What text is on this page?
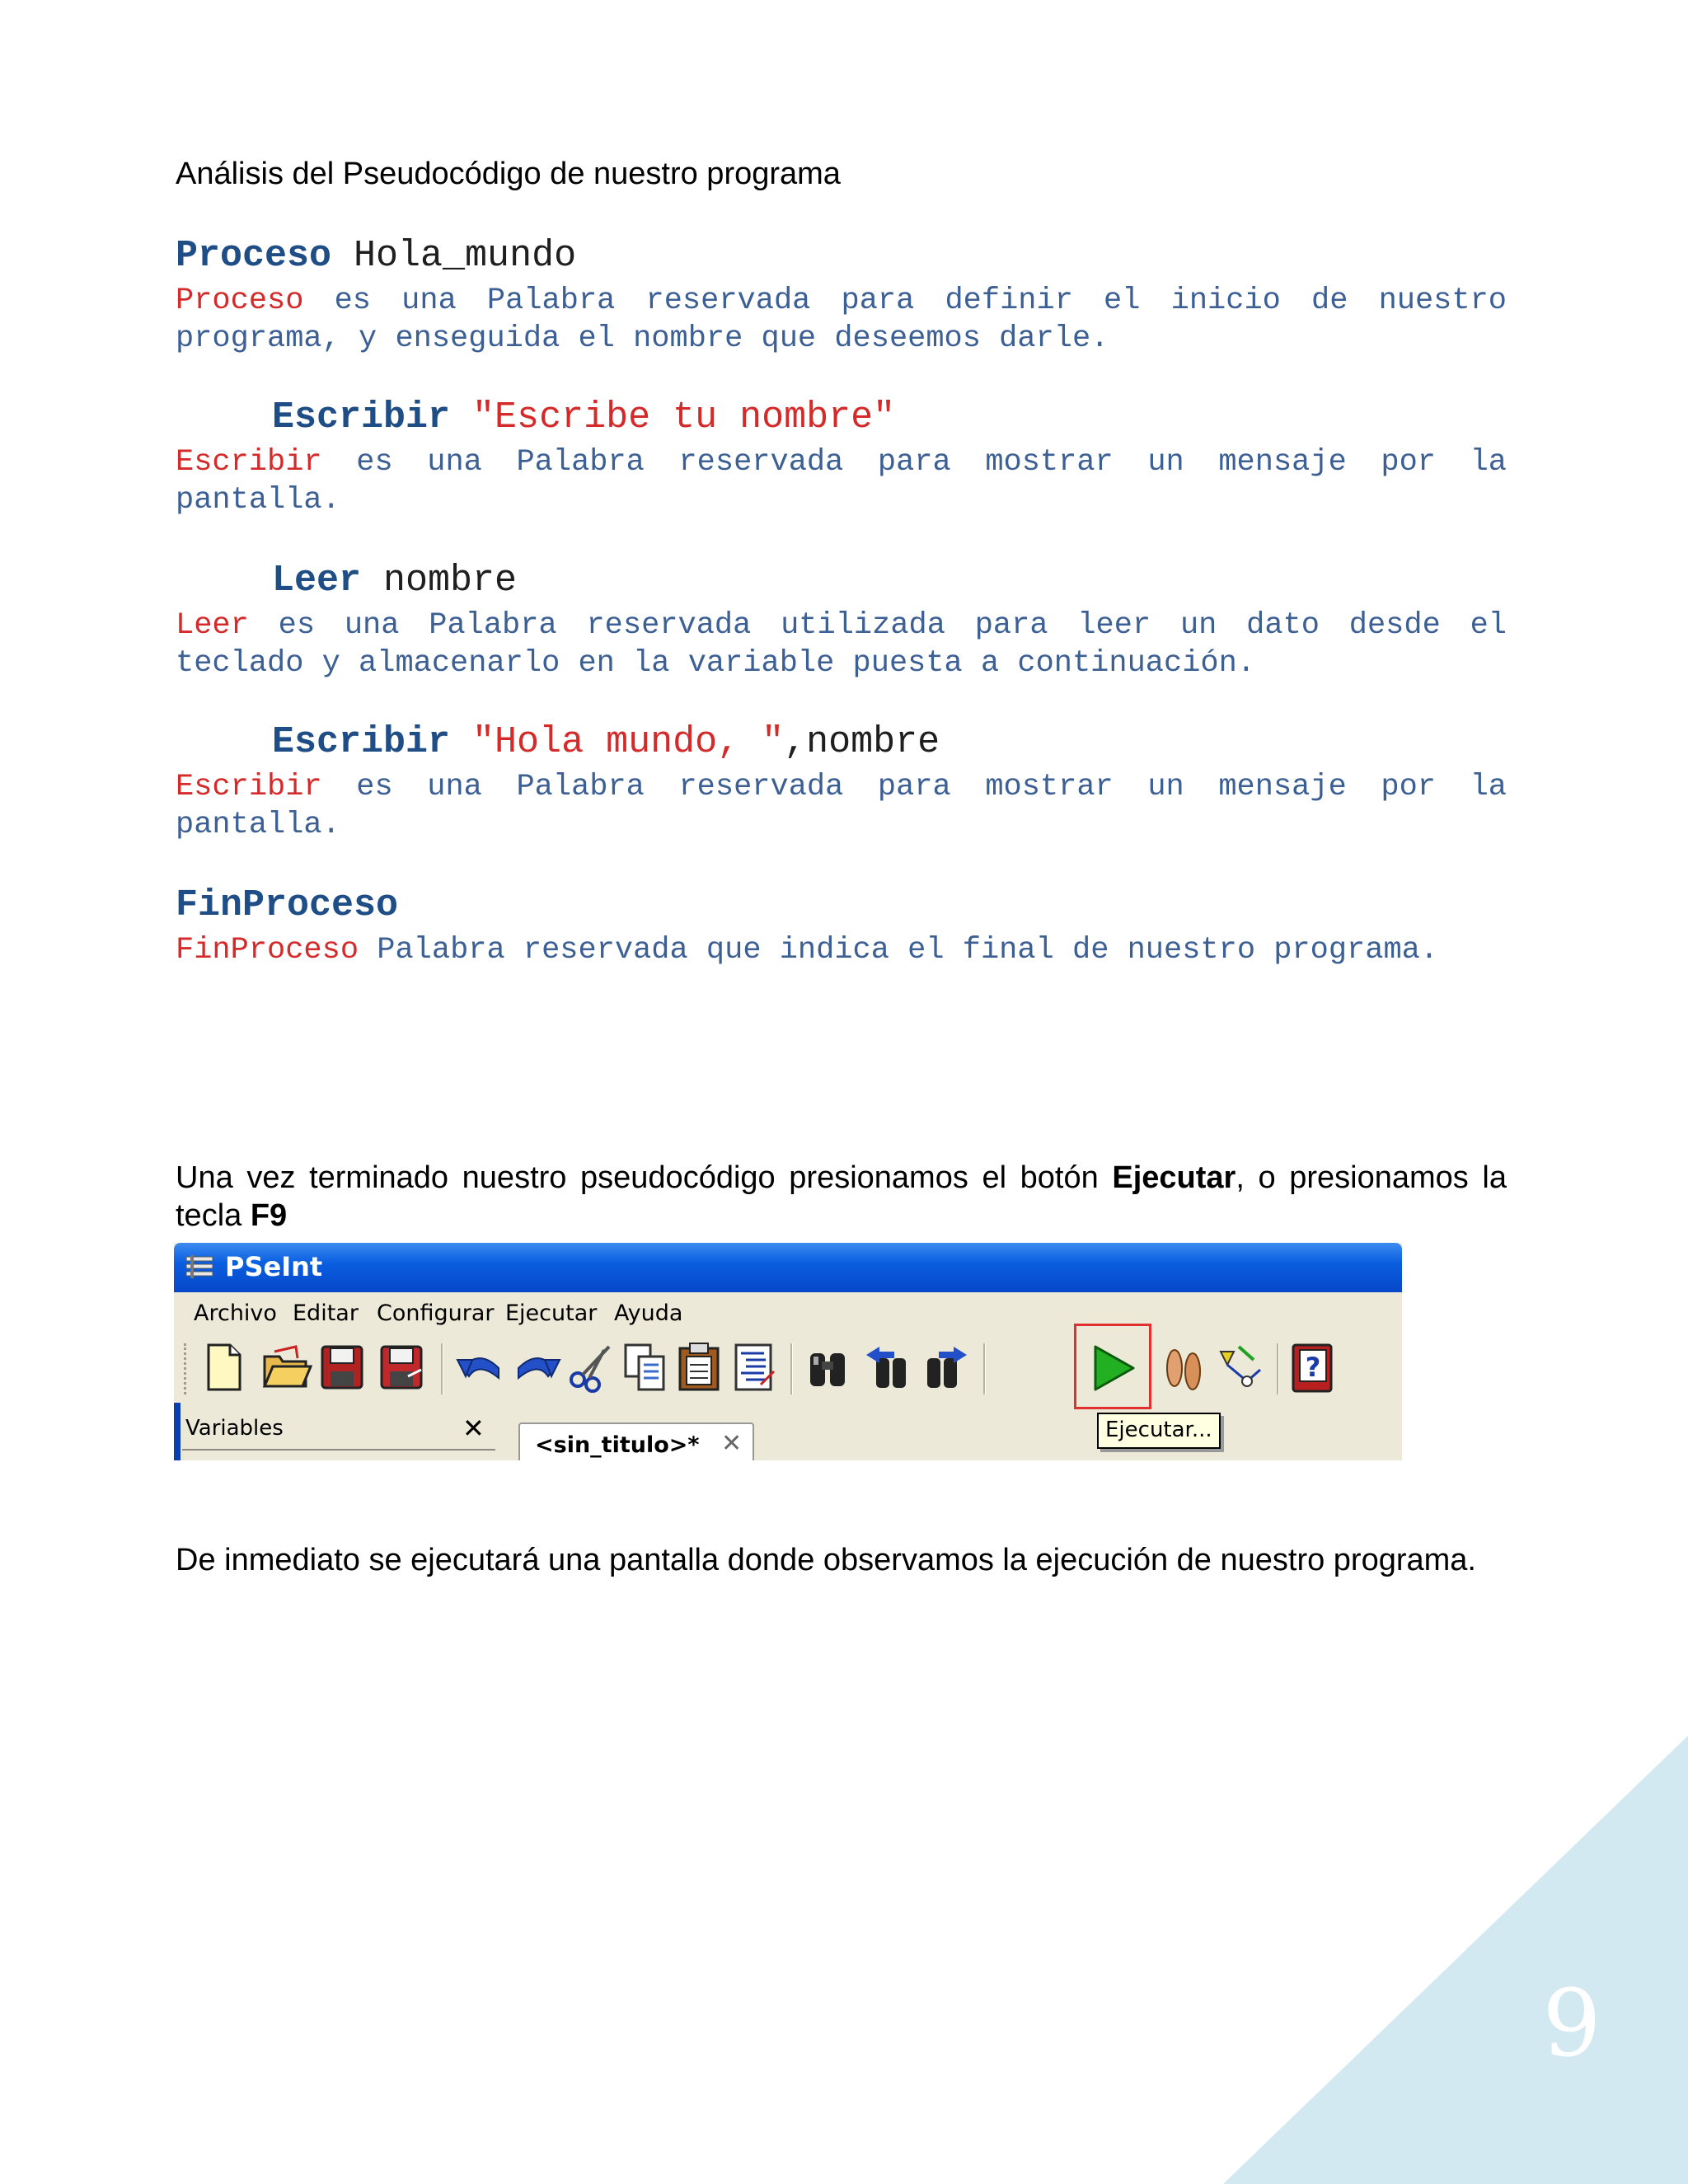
9
Análisis del Pseudocódigo de nuestro programa
Proceso Hola_mundo
Proceso es una Palabra reservada para definir el inicio de nuestro programa, y enseguida el nombre que deseemos darle.
Escribir "Escribe tu nombre"
Escribir es una Palabra reservada para mostrar un mensaje por la pantalla.
Leer nombre
Leer es una Palabra reservada utilizada para leer un dato desde el teclado y almacenarlo en la variable puesta a continuación.
Escribir "Hola mundo, ",nombre
Escribir es una Palabra reservada para mostrar un mensaje por la pantalla.
FinProceso
FinProceso Palabra reservada que indica el final de nuestro programa.
Una vez terminado nuestro pseudocódigo presionamos el botón Ejecutar, o presionamos la tecla F9
PSeInt
Archivo Editar Configurar Ejecutar Ayuda
?
Ejecutar...
Variables	✕
<sin_titulo>* ✕
De inmediato se ejecutará una pantalla donde observamos la ejecución de nuestro programa.
